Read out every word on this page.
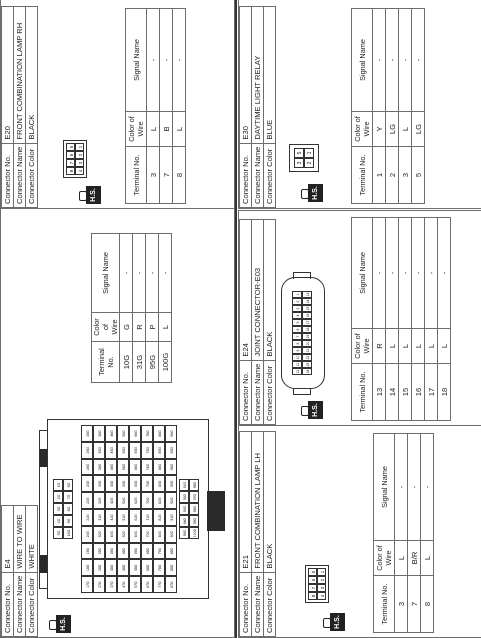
Connector No.	E4
Connector Name	WIRE TO WIRE
Connector Color	WHITE
H.S.
5G
4G
3G
2G
1G
16G
9G
8G
7G
6G
17G
18G
19G
20G
21G
22G
23G
24G
25G
26G
27G
28G
29G
30G
31G
32G
33G
34G
35G
36G
37G
38G
39G
40G
41G
42G
43G
44G
45G
46G
47G
48G
49G
50G
51G
52G
53G
54G
55G
56G
57G
58G
59G
60G
61G
62G
63G
64G
65G
66G
67G
68G
69G
70G
71G
72G
73G
74G
75G
76G
77G
78G
79G
80G
81G
82G
83G
84G
85G
86G
87G
88G
89G
90G
91G
92G
93G
94G
95G
96G
95G
94G
93G
92G
91G
100G
99G
98G
97G
96G
Terminal No.	Color of Wire	Signal Name
10G	G	-
31G	R	-
95G	P	-
100G	L	-
Connector No.	E20
Connector Name	FRONT COMBINATION LAMP RH
Connector Color	BLACK
H.S.
8
7
6
5
4
3
2
1
Terminal No.	Color of Wire	Signal Name
3	L	-
7	B	-
8	L	-
Connector No.	E21
Connector Name	FRONT COMBINATION LAMP LH
Connector Color	BLACK
H.S.
8
7
6
5
4
3
2
1
Terminal No.	Color of Wire	Signal Name
3	L	-
7	B/R	-
8	L	-
Connector No.	E24
Connector Name	JOINT CONNECTOR-E03
Connector Color	BLACK
H.S.
12
11
10
9
8
7
6
5
4
3
2
1
24
23
22
21
20
19
18
17
16
15
14
13
Terminal No.	Color of Wire	Signal Name
13	R	-
14	L	-
15	L	-
16	L	-
17	L	-
18	L	-
Connector No.	E30
Connector Name	DAYTIME LIGHT RELAY
Connector Color	BLUE
H.S.
3
5
2
1
Terminal No.	Color of Wire	Signal Name
1	Y	-
2	LG	-
3	L	-
5	LG	-
